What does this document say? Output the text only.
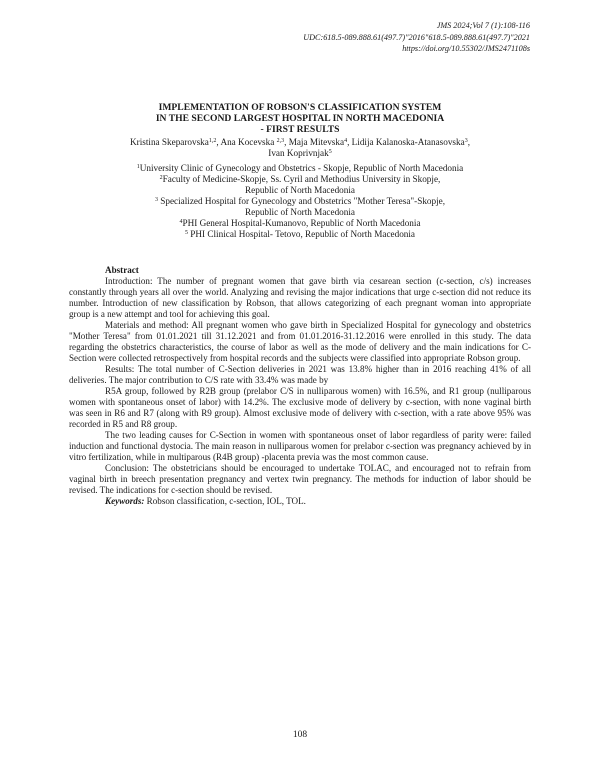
JMS 2024;Vol 7 (1):108-116
UDC:618.5-089.888.61(497.7)"2016"618.5-089.888.61(497.7)"2021
https://doi.org/10.55302/JMS2471108s
IMPLEMENTATION OF ROBSON'S CLASSIFICATION SYSTEM
IN THE SECOND LARGEST HOSPITAL IN NORTH MACEDONIA
- FIRST RESULTS
Kristina Skeparovska$^{1,2}$, Ana Kocevska $^{2,3}$, Maja Mitevska$^4$, Lidija Kalanoska-Atanasovska$^3$,
Ivan Koprivnjak$^5$
$^1$University Clinic of Gynecology and Obstetrics - Skopje, Republic of North Macedonia
$^2$Faculty of Medicine-Skopje, Ss. Cyril and Methodius University in Skopje,
Republic of North Macedonia
$^3$ Specialized Hospital for Gyneсology and Obstetrics "Mother Teresa"-Skopje,
Republic of North Macedonia
$^4$PHI General Hospital-Kumanovo, Republic of North Macedonia
$^5$ PHI Clinical Hospital- Tetovo, Republic of North Macedonia

Abstract

Introduction: The number of pregnant women that gave birth via cesarean section (c-section, c/s) increases constantly through years all over the world. Analyzing and revising the major indications that urge c-section did not reduce its number. Introduction of new classification by Robson, that allows categorizing of each pregnant woman into appropriate group is a new attempt and tool for achieving this goal.

Materials and method: All pregnant women who gave birth in Specialized Hospital for gynecology and obstetrics "Mother Teresa" from 01.01.2021 till 31.12.2021 and from 01.01.2016-31.12.2016 were enrolled in this study. The data regarding the obstetrics characteristics, the course of labor as well as the mode of delivery and the main indications for C-Section were collected retrospectively from hospital records and the subjects were classified into appropriate Robson group.

Results: The total number of C-Section deliveries in 2021 was 13.8% higher than in 2016 reaching 41% of all deliveries. The major contribution to C/S rate with 33.4% was made by

R5A group, followed by R2B group (prelabor C/S in nulliparous women) with 16.5%, and R1 group (nulliparous women with spontaneous onset of labor) with 14.2%. The exclusive mode of delivery by c-section, with none vaginal birth was seen in R6 and R7 (along with R9 group). Almost exclusive mode of delivery with c-section, with a rate above 95% was recorded in R5 and R8 group.

The two leading causes for C-Section in women with spontaneous onset of labor regardless of parity were: failed induction and functional dystocia. The main reason in nulliparous women for prelabor c-section was pregnancy achieved by in vitro fertilization, while in multiparous (R4B group) -placenta previa was the most common cause.

Conclusion: The obstetricians should be encouraged to undertake TOLAC, and encouraged not to refrain from vaginal birth in breech presentation pregnancy and vertex twin pregnancy. The methods for induction of labor should be revised. The indications for c-section should be revised.

Keywords: Robson classification, c-section, IOL, TOL.

108
